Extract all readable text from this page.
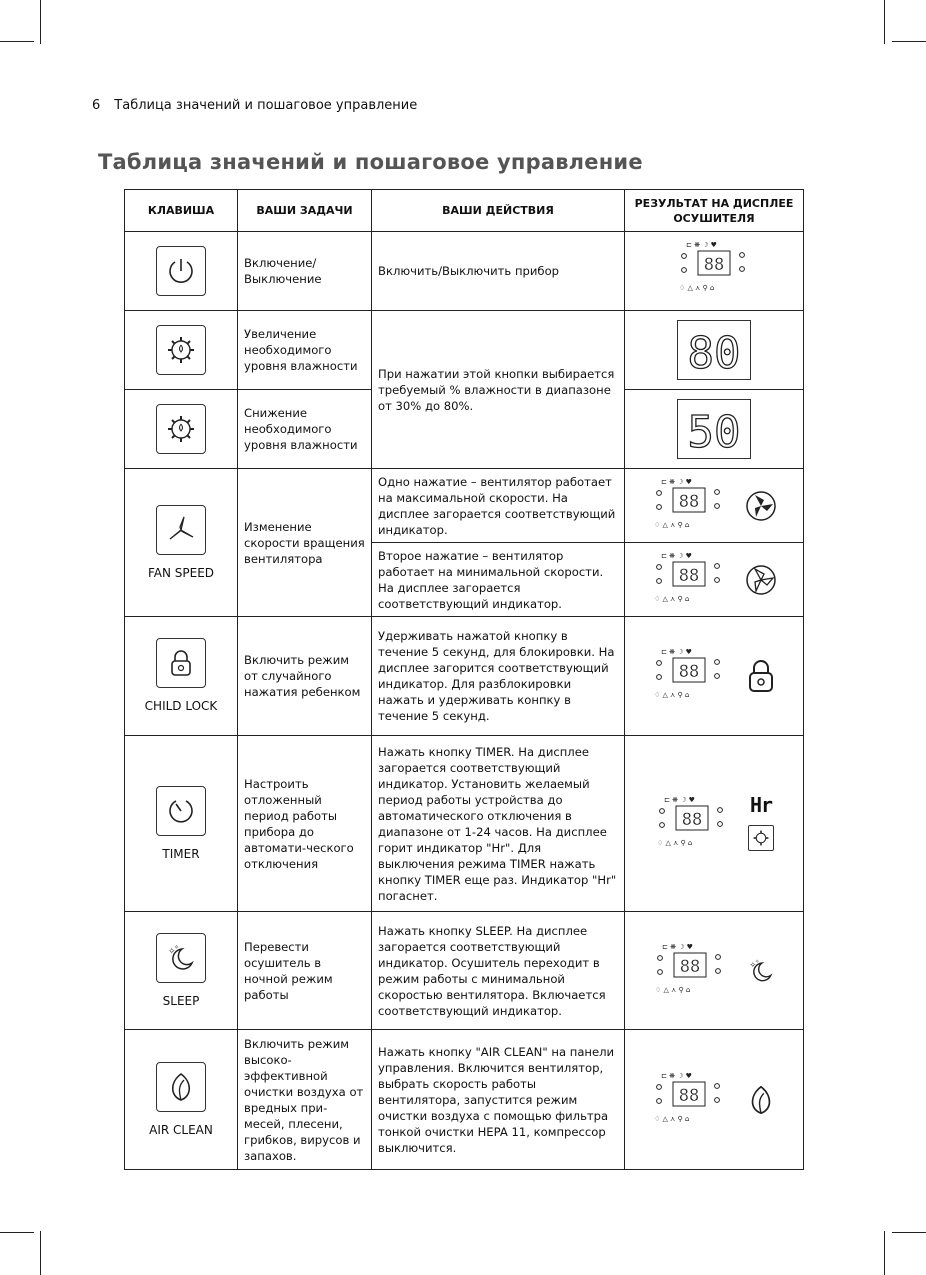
6 Таблица значений и пошаговое управление
Таблица значений и пошаговое управление
КЛАВИША	ВАШИ ЗАДАЧИ	ВАШИ ДЕЙСТВИЯ	РЕЗУЛЬТАТ НА ДИСПЛЕЕ ОСУШИТЕЛЯ

	Включение/ Выключение	Включить/Выключить прибор	

	Увеличение необходимого уровня влажности	При нажатии этой кнопки выбирается требуемый % влажности в диапазоне от 30% до 80%.	80

	Снижение необходимого уровня влажности		50

FAN SPEED	Изменение скорости вращения вентилятора	Одно нажатие – вентилятор работает на максимальной скорости. На дисплее загорается соответствующий индикатор.	

		Второе нажатие – вентилятор работает на минимальной скорости. На дисплее загорается соответствующий индикатор.	

CHILD LOCK	Включить режим от случайного нажатия ребенком	Удерживать нажатой кнопку в течение 5 секунд, для блокировки. На дисплее загорится соответствующий индикатор. Для разблокировки нажать и удерживать конпку в течение 5 секунд.	

TIMER	Настроить отложенный период работы прибора до автомати-ческого отключения	Нажать кнопку TIMER. На дисплее загорается соответствующий индикатор. Установить желаемый период работы устройства до автоматического отключения в диапазоне от 1-24 часов. На дисплее горит индикатор "Hr". Для выключения режима TIMER нажать кнопку TIMER еще раз. Индикатор "Hr" погаснет.	Hr

✧
✧
SLEEP	Перевести осушитель в ночной режим работы	Нажать кнопку SLEEP. На дисплее загорается соответствующий индикатор. Осушитель переходит в режим работы с минимальной скоростью вентилятора. Включается соответствующий индикатор.	✧
✧

AIR CLEAN	Включить режим высоко-эффективной очистки воздуха от вредных при-месей, плесени, грибков, вирусов и запахов.	Нажать кнопку "AIR CLEAN" на панели управления. Включится вентилятор, выбрать скорость работы вентилятора, запустится режим очистки воздуха с помощью фильтра тонкой очистки HEPA 11, компрессор выключится.	
